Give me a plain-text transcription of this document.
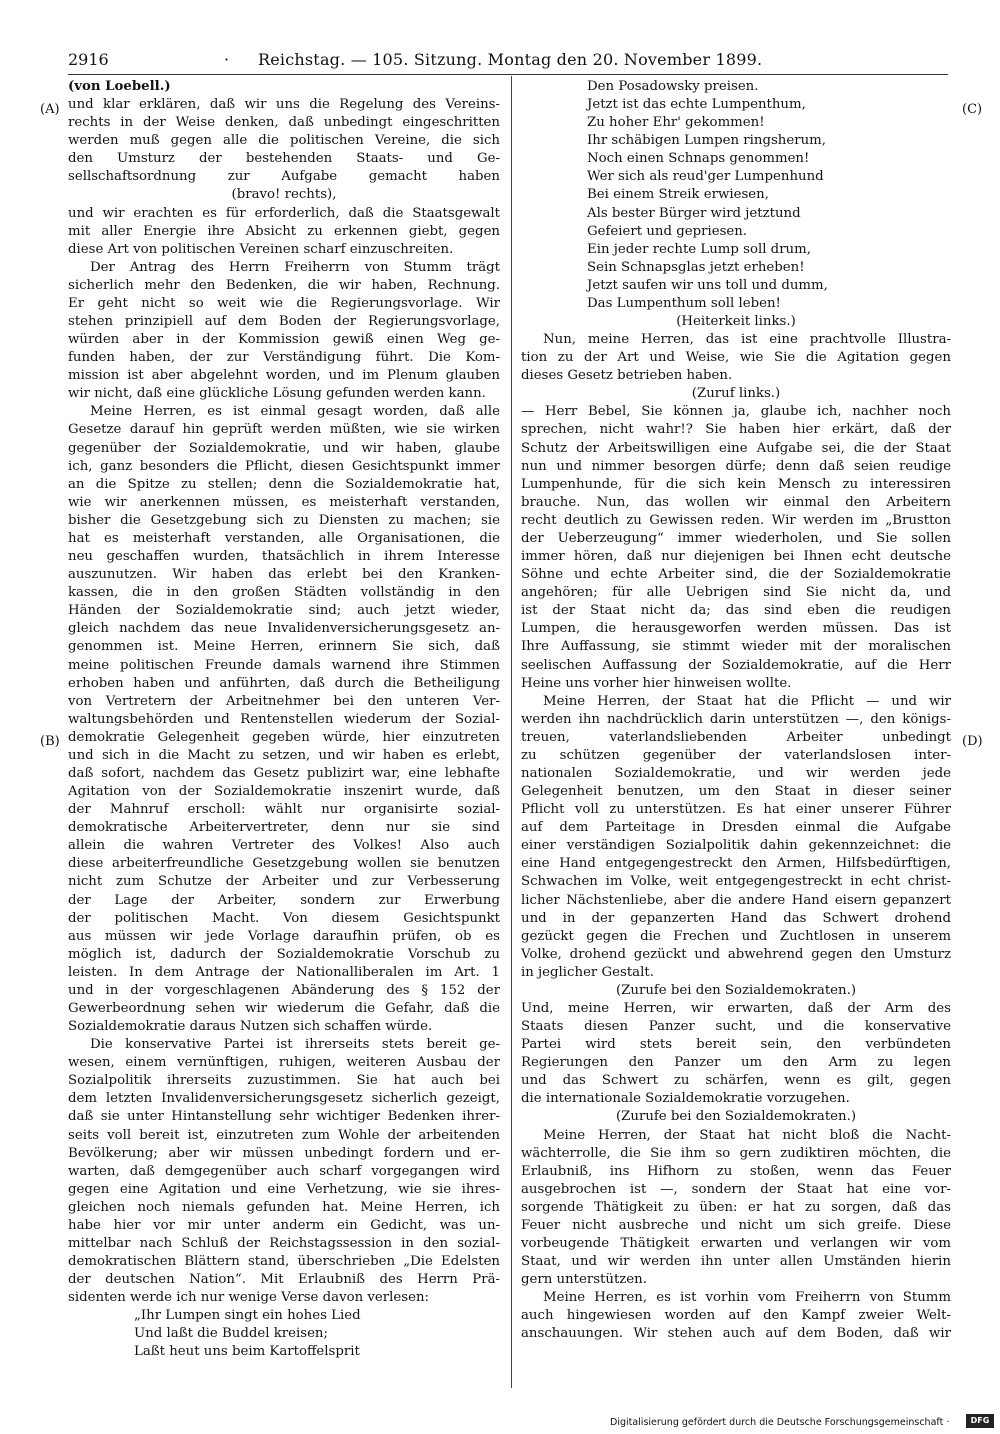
2916	· Reichstag. — 105. Sitzung. Montag den 20. November 1899.
(A)
(B)
(C)
(D)
(von Loebell.)
und klar erklären, daß wir uns die Regelung des Vereins-
rechts in der Weise denken, daß unbedingt eingeschritten
werden muß gegen alle die politischen Vereine, die sich
den Umsturz der bestehenden Staats- und Ge-
sellschaftsordnung zur Aufgabe gemacht haben
(bravo! rechts),
und wir erachten es für erforderlich, daß die Staatsgewalt
mit aller Energie ihre Absicht zu erkennen giebt, gegen
diese Art von politischen Vereinen scharf einzuschreiten.
Der Antrag des Herrn Freiherrn von Stumm trägt
sicherlich mehr den Bedenken, die wir haben, Rechnung.
Er geht nicht so weit wie die Regierungsvorlage. Wir
stehen prinzipiell auf dem Boden der Regierungsvorlage,
würden aber in der Kommission gewiß einen Weg ge-
funden haben, der zur Verständigung führt. Die Kom-
mission ist aber abgelehnt worden, und im Plenum glauben
wir nicht, daß eine glückliche Lösung gefunden werden kann.
Meine Herren, es ist einmal gesagt worden, daß alle
Gesetze darauf hin geprüft werden müßten, wie sie wirken
gegenüber der Sozialdemokratie, und wir haben, glaube
ich, ganz besonders die Pflicht, diesen Gesichtspunkt immer
an die Spitze zu stellen; denn die Sozialdemokratie hat,
wie wir anerkennen müssen, es meisterhaft verstanden,
bisher die Gesetzgebung sich zu Diensten zu machen; sie
hat es meisterhaft verstanden, alle Organisationen, die
neu geschaffen wurden, thatsächlich in ihrem Interesse
auszunutzen. Wir haben das erlebt bei den Kranken-
kassen, die in den großen Städten vollständig in den
Händen der Sozialdemokratie sind; auch jetzt wieder,
gleich nachdem das neue Invalidenversicherungsgesetz an-
genommen ist. Meine Herren, erinnern Sie sich, daß
meine politischen Freunde damals warnend ihre Stimmen
erhoben haben und anführten, daß durch die Betheiligung
von Vertretern der Arbeitnehmer bei den unteren Ver-
waltungsbehörden und Rentenstellen wiederum der Sozial-
demokratie Gelegenheit gegeben würde, hier einzutreten
und sich in die Macht zu setzen, und wir haben es erlebt,
daß sofort, nachdem das Gesetz publizirt war, eine lebhafte
Agitation von der Sozialdemokratie inszenirt wurde, daß
der Mahnruf erscholl: wählt nur organisirte sozial-
demokratische Arbeitervertreter, denn nur sie sind
allein die wahren Vertreter des Volkes! Also auch
diese arbeiterfreundliche Gesetzgebung wollen sie benutzen
nicht zum Schutze der Arbeiter und zur Verbesserung
der Lage der Arbeiter, sondern zur Erwerbung
der politischen Macht. Von diesem Gesichtspunkt
aus müssen wir jede Vorlage daraufhin prüfen, ob es
möglich ist, dadurch der Sozialdemokratie Vorschub zu
leisten. In dem Antrage der Nationalliberalen im Art. 1
und in der vorgeschlagenen Abänderung des § 152 der
Gewerbeordnung sehen wir wiederum die Gefahr, daß die
Sozialdemokratie daraus Nutzen sich schaffen würde.
Die konservative Partei ist ihrerseits stets bereit ge-
wesen, einem vernünftigen, ruhigen, weiteren Ausbau der
Sozialpolitik ihrerseits zuzustimmen. Sie hat auch bei
dem letzten Invalidenversicherungsgesetz sicherlich gezeigt,
daß sie unter Hintanstellung sehr wichtiger Bedenken ihrer-
seits voll bereit ist, einzutreten zum Wohle der arbeitenden
Bevölkerung; aber wir müssen unbedingt fordern und er-
warten, daß demgegenüber auch scharf vorgegangen wird
gegen eine Agitation und eine Verhetzung, wie sie ihres-
gleichen noch niemals gefunden hat. Meine Herren, ich
habe hier vor mir unter anderm ein Gedicht, was un-
mittelbar nach Schluß der Reichstagssession in den sozial-
demokratischen Blättern stand, überschrieben „Die Edelsten
der deutschen Nation“. Mit Erlaubniß des Herrn Prä-
sidenten werde ich nur wenige Verse davon verlesen:
„Ihr Lumpen singt ein hohes Lied
Und laßt die Buddel kreisen;
Laßt heut uns beim Kartoffelsprit
Den Posadowsky preisen.
Jetzt ist das echte Lumpenthum,
Zu hoher Ehr' gekommen!
Ihr schäbigen Lumpen ringsherum,
Noch einen Schnaps genommen!
Wer sich als reud'ger Lumpenhund
Bei einem Streik erwiesen,
Als bester Bürger wird jetztund
Gefeiert und gepriesen.
Ein jeder rechte Lump soll drum,
Sein Schnapsglas jetzt erheben!
Jetzt saufen wir uns toll und dumm,
Das Lumpenthum soll leben!
(Heiterkeit links.)
Nun, meine Herren, das ist eine prachtvolle Illustra-
tion zu der Art und Weise, wie Sie die Agitation gegen
dieses Gesetz betrieben haben.
(Zuruf links.)
— Herr Bebel, Sie können ja, glaube ich, nachher noch
sprechen, nicht wahr!? Sie haben hier erkärt, daß der
Schutz der Arbeitswilligen eine Aufgabe sei, die der Staat
nun und nimmer besorgen dürfe; denn daß seien reudige
Lumpenhunde, für die sich kein Mensch zu interessiren
brauche. Nun, das wollen wir einmal den Arbeitern
recht deutlich zu Gewissen reden. Wir werden im „Brustton
der Ueberzeugung“ immer wiederholen, und Sie sollen
immer hören, daß nur diejenigen bei Ihnen echt deutsche
Söhne und echte Arbeiter sind, die der Sozialdemokratie
angehören; für alle Uebrigen sind Sie nicht da, und
ist der Staat nicht da; das sind eben die reudigen
Lumpen, die herausgeworfen werden müssen. Das ist
Ihre Auffassung, sie stimmt wieder mit der moralischen
seelischen Auffassung der Sozialdemokratie, auf die Herr
Heine uns vorher hier hinweisen wollte.
Meine Herren, der Staat hat die Pflicht — und wir
werden ihn nachdrücklich darin unterstützen —, den königs-
treuen, vaterlandsliebenden Arbeiter unbedingt
zu schützen gegenüber der vaterlandslosen inter-
nationalen Sozialdemokratie, und wir werden jede
Gelegenheit benutzen, um den Staat in dieser seiner
Pflicht voll zu unterstützen. Es hat einer unserer Führer
auf dem Parteitage in Dresden einmal die Aufgabe
einer verständigen Sozialpolitik dahin gekennzeichnet: die
eine Hand entgegengestreckt den Armen, Hilfsbedürftigen,
Schwachen im Volke, weit entgegengestreckt in echt christ-
licher Nächstenliebe, aber die andere Hand eisern gepanzert
und in der gepanzerten Hand das Schwert drohend
gezückt gegen die Frechen und Zuchtlosen in unserem
Volke, drohend gezückt und abwehrend gegen den Umsturz
in jeglicher Gestalt.
(Zurufe bei den Sozialdemokraten.)
Und, meine Herren, wir erwarten, daß der Arm des
Staats diesen Panzer sucht, und die konservative
Partei wird stets bereit sein, den verbündeten
Regierungen den Panzer um den Arm zu legen
und das Schwert zu schärfen, wenn es gilt, gegen
die internationale Sozialdemokratie vorzugehen.
(Zurufe bei den Sozialdemokraten.)
Meine Herren, der Staat hat nicht bloß die Nacht-
wächterrolle, die Sie ihm so gern zudiktiren möchten, die
Erlaubniß, ins Hifhorn zu stoßen, wenn das Feuer
ausgebrochen ist —, sondern der Staat hat eine vor-
sorgende Thätigkeit zu üben: er hat zu sorgen, daß das
Feuer nicht ausbreche und nicht um sich greife. Diese
vorbeugende Thätigkeit erwarten und verlangen wir vom
Staat, und wir werden ihn unter allen Umständen hierin
gern unterstützen.
Meine Herren, es ist vorhin vom Freiherrn von Stumm
auch hingewiesen worden auf den Kampf zweier Welt-
anschauungen. Wir stehen auch auf dem Boden, daß wir
Digitalisierung gefördert durch die Deutsche Forschungsgemeinschaft ·	DFG
